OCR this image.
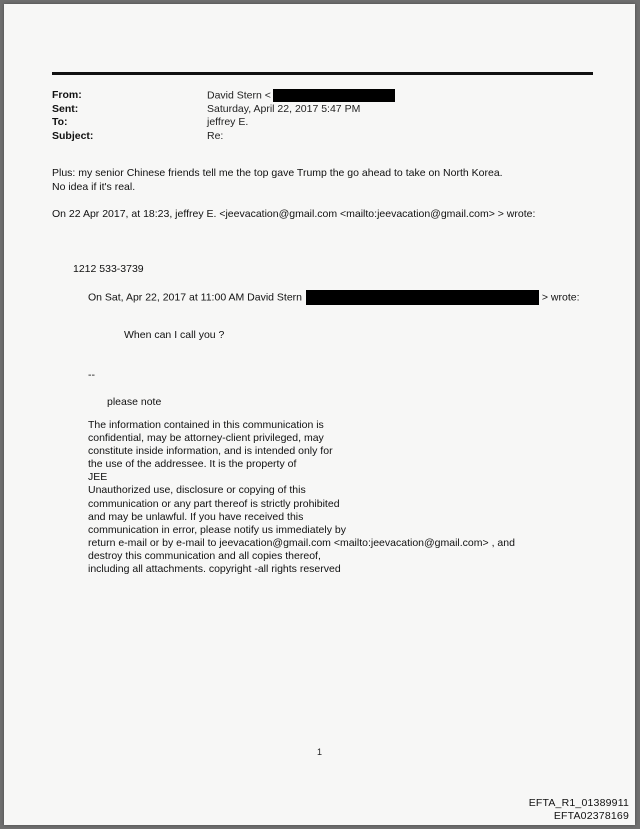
From:	David Stern <
Sent:	Saturday, April 22, 2017 5:47 PM
To:	jeffrey E.
Subject:	Re:
Plus: my senior Chinese friends tell me the top gave Trump the go ahead to take on North Korea.
No idea if it's real.
On 22 Apr 2017, at 18:23, jeffrey E. <jeevacation@gmail.com <mailto:jeevacation@gmail.com> > wrote:
1212 533-3739
On Sat, Apr 22, 2017 at 11:00 AM David Stern	> wrote:
When can I call you ?
--
please note
The information contained in this communication is
confidential, may be attorney-client privileged, may
constitute inside information, and is intended only for
the use of the addressee. It is the property of
JEE
Unauthorized use, disclosure or copying of this
communication or any part thereof is strictly prohibited
and may be unlawful. If you have received this
communication in error, please notify us immediately by
return e-mail or by e-mail to jeevacation@gmail.com <mailto:jeevacation@gmail.com> , and
destroy this communication and all copies thereof,
including all attachments. copyright -all rights reserved
1
EFTA_R1_01389911
EFTA02378169
